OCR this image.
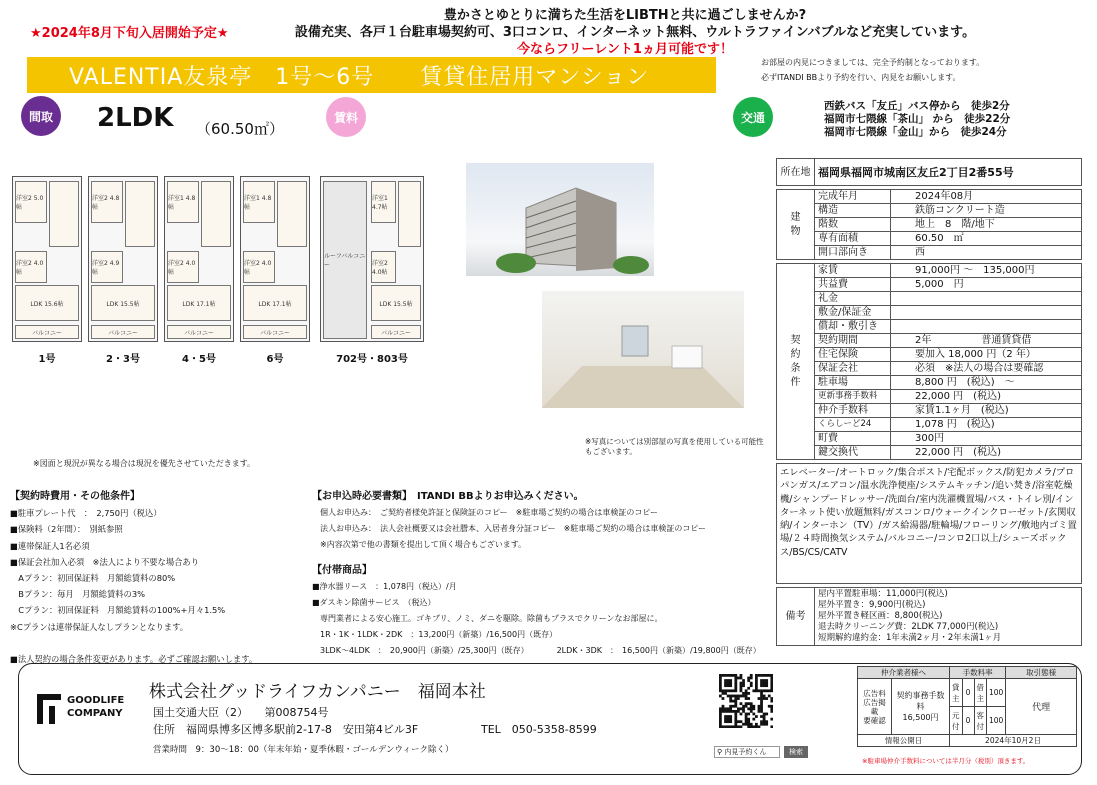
★2024年8月下旬入居開始予定★
豊かさとゆとりに満ちた生活をLIBTHと共に過ごしませんか?
設備充実、各戸１台駐車場契約可、3口コンロ、インターネット無料、ウルトラファインバブルなど充実しています。
今ならフリーレント1ヵ月可能です！
VALENTIA友泉亭　1号～6号　　賃貸住居用マンション
お部屋の内見につきましては、完全予約制となっております。
必ずITANDI BBより予約を行い、内見をお願いします。
間取	2LDK （60.50㎡）
賃料	交通
西鉄バス「友丘」バス停から　徒歩2分
福岡市七隈線「茶山」 から　徒歩22分
福岡市七隈線「金山」から　徒歩24分
洋室2 5.0帖
洋室2 4.0帖
LDK 15.6帖
バルコニー
1号
洋室2 4.8帖
洋室2 4.9帖
LDK 15.5帖
バルコニー
2・3号
洋室1 4.8帖
洋室2 4.0帖
LDK 17.1帖
バルコニー
4・5号
洋室1 4.8帖
洋室2 4.0帖
LDK 17.1帖
バルコニー
6号
洋室1 4.7帖
洋室2 4.0帖
LDK 15.5帖
バルコニー
ルーフバルコニー
702号・803号
※写真については別部屋の写真を使用している可能性もございます。
※図面と現況が異なる場合は現況を優先させていただきます。
所在地	福岡県福岡市城南区友丘2丁目2番55号
建物	完成年月	2024年08月
	構造	鉄筋コンクリート造
	階数	地上　8　階/地下
	専有面積	60.50　㎡
	開口部向き	西
契約条件	家賃	91,000円 ～　135,000円
	共益費	5,000　円
	礼金	
	敷金/保証金	
	償却・敷引き	
	契約期間	2年　　　　　普通賃貸借
	住宅保険	要加入 18,000 円（2 年）
	保証会社	必須　※法人の場合は要確認
	駐車場	8,800 円　(税込)　～
	更新事務手数料	22,000 円　(税込)
	仲介手数料	家賃1.1ヶ月　(税込)
	くらしーど24	1,078 円　(税込)
	町費	300円
	鍵交換代	22,000 円　(税込)
エレベーター/オートロック/集合ポスト/宅配ボックス/防犯カメラ/プロパンガス/エアコン/温水洗浄便座/システムキッチン/追い焚き/浴室乾燥機/シャンプードレッサー/洗面台/室内洗濯機置場/バス・トイレ別/インターネット使い放題無料/ガスコンロ/ウォークインクローゼット/玄関収納/インターホン（TV）/ガス給湯器/駐輪場/フローリング/敷地内ゴミ置場/２４時間換気システム/バルコニー/コンロ2口以上/シューズボックス/BS/CS/CATV
備考	
屋内平置駐車場：11,000円(税込)
屋外平置き：9,900円(税込)
屋外平置き軽区画：8,800(税込)
退去時クリーニング費：2LDK 77,000円(税込)
短期解約違約金：1年未満2ヶ月・2年未満1ヶ月
【契約時費用・その他条件】
■駐車プレート代　：　2,750円（税込）
■保険料（2年間）：　別紙参照
■連帯保証人1名必須
■保証会社加入必須　※法人により不要な場合あり
　Aプラン：初回保証料　月額総賃料の80%
　Bプラン：毎月　月額総賃料の3%
　Cプラン：初回保証料　月額総賃料の100%+月々1.5%
※Cプランは連帯保証人なしプランとなります。

■法人契約の場合条件変更があります。必ずご確認お願いします。
【お申込時必要書類】　ITANDI BBよりお申込みください。
個人お申込み：　ご契約者様免許証と保険証のコピー　※駐車場ご契約の場合は車検証のコピー
法人お申込み：　法人会社概要又は会社謄本、入居者身分証コピー　※駐車場ご契約の場合は車検証のコピー
※内容次第で他の書類を提出して頂く場合もございます。
【付帯商品】
■浄水器リース　：1,078円（税込）/月
■ダスキン除菌サービス　（税込）
　専門業者による安心施工。ゴキブリ、ノミ、ダニを駆除。除菌もプラスでクリーンなお部屋に。
　1R・1K・1LDK・2DK　：13,200円（新築）/16,500円（既存）
　3LDK～4LDK　：　20,900円（新築）/25,300円（既存）　　　　2LDK・3DK　：　16,500円（新築）/19,800円（既存）
GOODLIFE
COMPANY
株式会社グッドライフカンパニー　福岡本社
国土交通大臣（2）　　第008754号
住所　福岡県博多区博多駅前2-17-8　安田第4ビル3F	TEL　050-5358-8599
営業時間　9：30～18：00（年末年始・夏季休暇・ゴールデンウィーク除く）	⚲ 内見予約くん	検索
仲介業者様へ		手数料率				取引態様
広告料
広告掲載
要確認	契約事務手数料
16,500円	貸主	0	借主	100	代理
		元付	0	客付	100	
情報公開日		2024年10月2日				
※駐車場仲介手数料については半月分（税別）頂きます。
